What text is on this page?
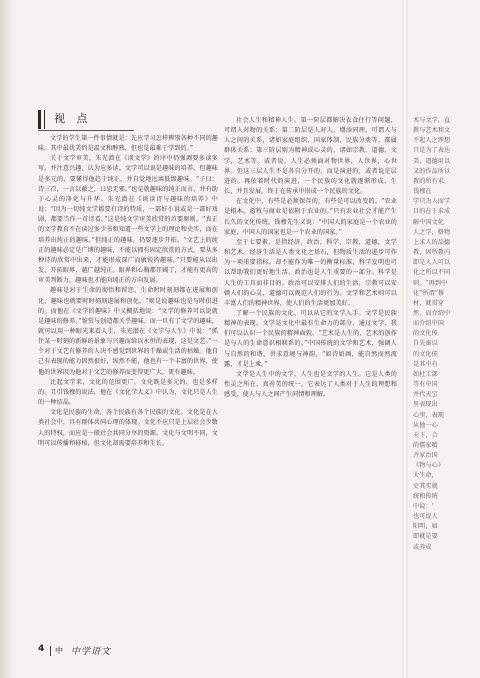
视 点

文学的学生第一件事情就是：先应学习怎样辨别各种不同的趣味。其中最优美的是温文和醇熟。但也是最难于学到的。”

关于文学审美，朱光潜在《谈文学》的序中仍强调要多读多写，并注意兴趣，认为应多读。文学可以说是趣味的培养。但趣味是多元的，要懂得他趋于纯正，并自觉地远离低级趣味。“子曰：诗三百，一言以蔽之，曰思无邪。”也是就趣味的纯正而言，并有助于心灵的净化与升华。朱光潜在《谈读诗与趣味的培养》中说：“因为一切纯文学都要有诗的特质，一部好小说或是一部好戏剧，都要当作一首诗看。”这是纯文学审美欣赏的首要原则。“真正的文学教育不在读过多少书和知道一些文学上的理论和史实，而在培养出纯正的趣味。”但纯正的趣味，仍要逐步开拓。“文艺上的纯正的趣味必定是广博的趣味，不能以拥有固定欣赏的方式，要从多种诗的欣赏中出来，才能形成深广而敏锐的趣味。”只要能从以出发，开拓眼界，越广越纯正。眼界和心胸都开阔了，才能有更高的审美判断力，趣味也才能向纯正的方向发展。

趣味是对于生命的彻悟和留恋，生命时时刻刻都在进展和创化，趣味也就要时时刻刻进展和创化。“则是说趣味也是与时俱进的。而他在《文学的趣味》中又概括地说：“文学的修养可以说就是趣味的修养。”鉴赏与创造都关乎趣味。而一旦有了文学的趣味，就可以用一种眼光来看人生，朱光潜在《文学与人生》中说：“抓住某一时刻的新鲜的景象与兴趣而给以永恒的表现，这是文艺。”一个对于文艺有修养的人决不感觉到世界的干燥或生活的枯燥。他自己有表现的能力固然很好，纵然不能，他也有一个丰富的世界，使他的世界因为他对于文艺的修养而变得更广大，更有趣味。

比起文学来，文化的范围更广。文化既是多元的，也是多样的。且引钱穆的说法，他在《文化学大义》中认为，文化只是人生的一种结晶。

文化是民族的生命，各个民族有各个民族的文化。文化是在人类社会中，具有群体共同心理的体现。文化不应只是上层社会少数人的特权，而应是一般社会共同分享的资源。文化与文明不同，文明可以传播和移植，但文化却需要培养和生长。

社会人生和精神人生。第一阶层都解决衣食住行等问题，可谓人对物的关系；第二阶层是人对人，增添同理，可谓人与人之间的关系，诸如家庭组织，国家体制，民族分类等，都属群体关系；第三阶层则为精神或心灵的，诸如宗教，道德，文学，艺术等。或者说，人生必须面对物世界，人世界，心世界。但这三层人生不是各自分开的，而是演进的，或者说是层进的。再依着时代的演进，一个民族的文化就逐渐形成、生长，并且发展，终于在传承中形成一个民族的文化。

在文化中，有些是必须保存的，有些是可以改变的。“农业是根本，游牧与商业是依附于农业的。”只有农业社会才能产生长久的文化传统。钱穆先生又说：“中国人的家庭是一个农业的家庭，中国人的国家也是一个农业的国家。”

至于七要素，是指经济，政治，科学，宗教，道德，文学和艺术。经济生活是人类文化之基石，但物质生活的进步可作为一项重要指标，却不能作为唯一的衡量标准，科学发明也可以帮助我们更好地生活。政治也是人生重要的一部分。科学是人生的工具而非目的。政治可以安排人们的生活，宗教可以安顿人们的心灵，道德可以规范人们的行为。文学和艺术则可以丰富人们的精神世界，使人们的生活更加美好。

了解一个民族的文化，可以从它的文学入手。文学是民族精神的表现。文学是文化中最有生命力的部分，通过文学，我们可以认识一个民族的精神面貌。“艺术是人生的，艺术的创作是与人的生命意识相联系的。”中国传统的文学和艺术，强调人与自然的和谐，讲求意境与神韵，“如诗如画，能自然而然流露，才是上乘。”

文学是人生中的文学，人生也是文学的人生。它是人类的性灵之所在，真善美的统一。它表达了人类对于人生的理想和感受，使人与人之间产生同情和理解。

术与文学，直

教与艺术和文

不起人之理想

只是为了表达

美，道德用以

义的作品所以

教的所有求，

钱穆在

学只为人而学

目的在于求成

解中国文化

人之学，格物

上求人的品德

教，因所教内

即是人人可以

化之所以不同

则。“再到中

化”所谓“修

材，就贯穿

然，而介绍中

而介绍中国

的文化传

自先秦以

的文化传

是其中有

如杜工部

等有中国

并代天宝

里表现出

心里，表现

从他一心

天下，合

的儒家精

齐家治国

《物与心》

大生命，

史其实就

统和传统

中说：‘

也可说人

阳明，如

即就是要

或养成

4 中 中学语文
